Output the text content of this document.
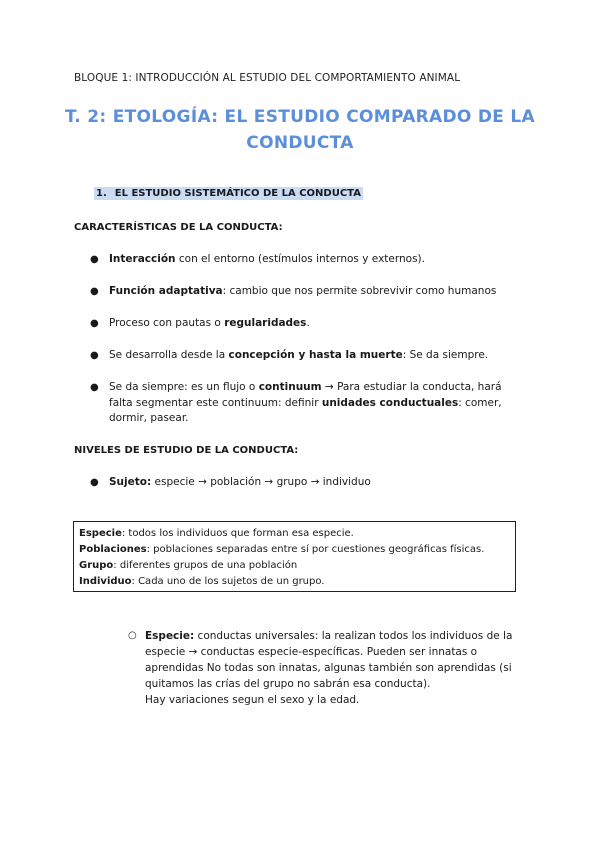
BLOQUE 1: INTRODUCCIÓN AL ESTUDIO DEL COMPORTAMIENTO ANIMAL
T. 2: ETOLOGÍA: EL ESTUDIO COMPARADO DE LA
CONDUCTA
1. EL ESTUDIO SISTEMÁTICO DE LA CONDUCTA
CARACTERÍSTICAS DE LA CONDUCTA:
● Interacción con el entorno (estímulos internos y externos).
● Función adaptativa: cambio que nos permite sobrevivir como humanos
● Proceso con pautas o regularidades.
● Se desarrolla desde la concepción y hasta la muerte: Se da siempre.
● Se da siempre: es un flujo o continuum → Para estudiar la conducta, hará falta segmentar este continuum: definir unidades conductuales: comer, dormir, pasear.
NIVELES DE ESTUDIO DE LA CONDUCTA:
● Sujeto: especie → población → grupo → individuo
Especie: todos los individuos que forman esa especie.
Poblaciones: poblaciones separadas entre sí por cuestiones geográficas físicas.
Grupo: diferentes grupos de una población
Individuo: Cada uno de los sujetos de un grupo.
○ Especie: conductas universales: la realizan todos los individuos de la especie → conductas especie-específicas. Pueden ser innatas o aprendidas No todas son innatas, algunas también son aprendidas (si quitamos las crías del grupo no sabrán esa conducta).
Hay variaciones segun el sexo y la edad.
